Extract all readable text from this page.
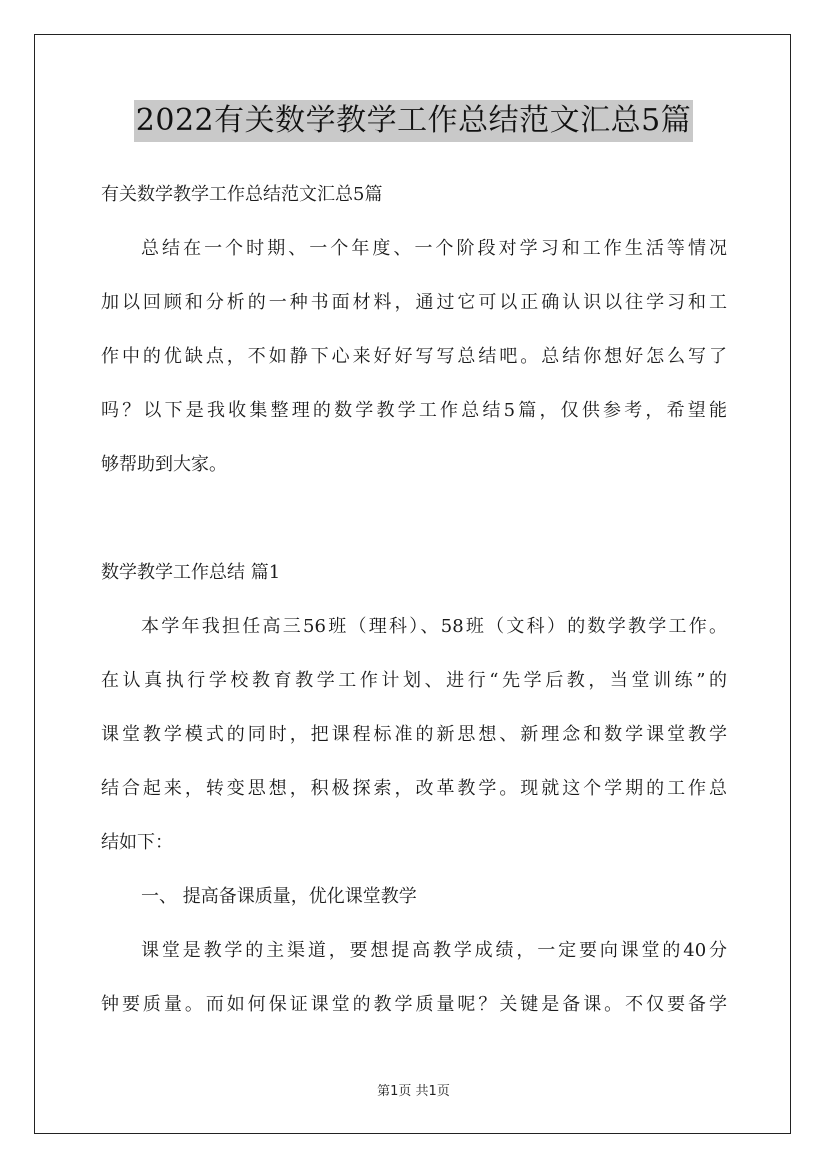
2022有关数学教学工作总结范文汇总5篇
有关数学教学工作总结范文汇总5篇
总结在一个时期、一个年度、一个阶段对学习和工作生活等情况
加以回顾和分析的一种书面材料，通过它可以正确认识以往学习和工
作中的优缺点，不如静下心来好好写写总结吧。总结你想好怎么写了
吗？以下是我收集整理的数学教学工作总结5篇，仅供参考，希望能
够帮助到大家。
数学教学工作总结 篇1
本学年我担任高三56班（理科）、58班（文科）的数学教学工作。
在认真执行学校教育教学工作计划、进行“先学后教，当堂训练”的
课堂教学模式的同时，把课程标准的新思想、新理念和数学课堂教学
结合起来，转变思想，积极探索，改革教学。现就这个学期的工作总
结如下：
一、 提高备课质量，优化课堂教学
课堂是教学的主渠道，要想提高教学成绩，一定要向课堂的40分
钟要质量。而如何保证课堂的教学质量呢？关键是备课。不仅要备学
第1页 共1页
